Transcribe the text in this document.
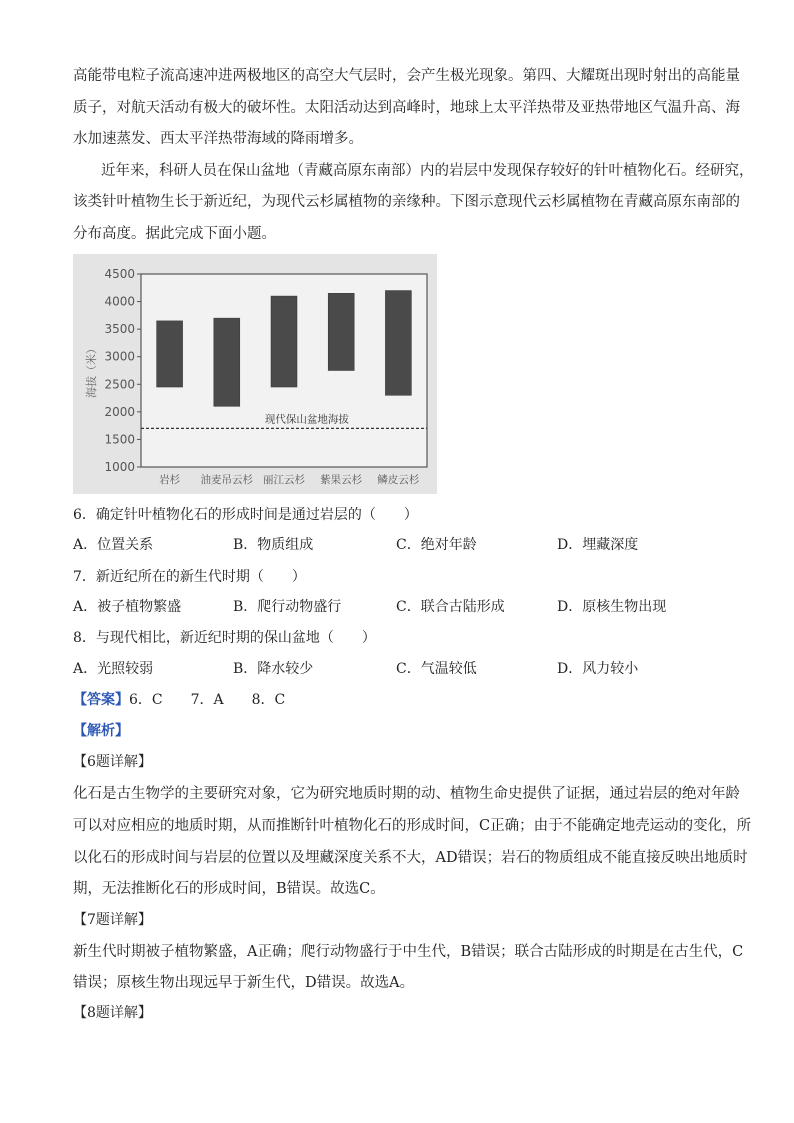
高能带电粒子流高速冲进两极地区的高空大气层时，会产生极光现象。第四、大耀斑出现时射出的高能量
质子，对航天活动有极大的破坏性。太阳活动达到高峰时，地球上太平洋热带及亚热带地区气温升高、海
水加速蒸发、西太平洋热带海域的降雨增多。
近年来，科研人员在保山盆地（青藏高原东南部）内的岩层中发现保存较好的针叶植物化石。经研究，
该类针叶植物生长于新近纪，为现代云杉属植物的亲缘种。下图示意现代云杉属植物在青藏高原东南部的
分布高度。据此完成下面小题。
1000
1500
2000
2500
3000
3500
4000
4500
海拔（米）
现代保山盆地海拔
岩杉 油麦吊云杉 丽江云杉 紫果云杉 鳞皮云杉
6．确定针叶植物化石的形成时间是通过岩层的（　　）
A．位置关系	B．物质组成	C．绝对年龄	D．埋藏深度
7．新近纪所在的新生代时期（　　）
A．被子植物繁盛	B．爬行动物盛行	C．联合古陆形成	D．原核生物出现
8．与现代相比，新近纪时期的保山盆地（　　）
A．光照较弱	B．降水较少	C．气温较低	D．风力较小
【答案】6．C　　7．A　　8．C
【解析】
【6题详解】
化石是古生物学的主要研究对象，它为研究地质时期的动、植物生命史提供了证据，通过岩层的绝对年龄
可以对应相应的地质时期，从而推断针叶植物化石的形成时间，C正确；由于不能确定地壳运动的变化，所
以化石的形成时间与岩层的位置以及埋藏深度关系不大，AD错误；岩石的物质组成不能直接反映出地质时
期，无法推断化石的形成时间，B错误。故选C。
【7题详解】
新生代时期被子植物繁盛，A正确；爬行动物盛行于中生代，B错误；联合古陆形成的时期是在古生代，C
错误；原核生物出现远早于新生代，D错误。故选A。
【8题详解】
